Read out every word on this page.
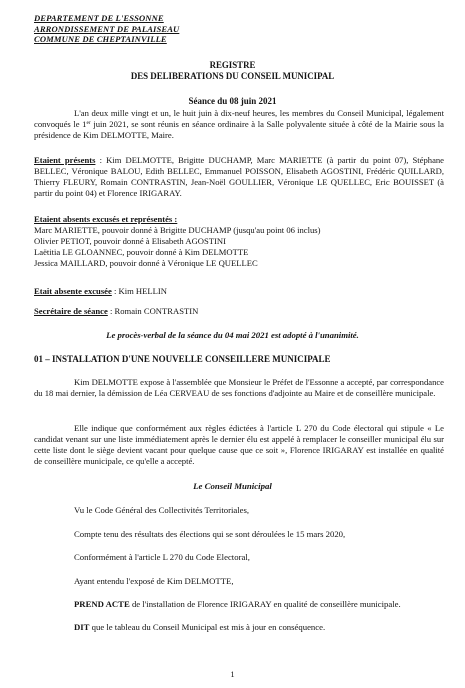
DEPARTEMENT DE L'ESSONNE
ARRONDISSEMENT DE PALAISEAU
COMMUNE DE CHEPTAINVILLE
REGISTRE
DES DELIBERATIONS DU CONSEIL MUNICIPAL
Séance du 08 juin 2021
L'an deux mille vingt et un, le huit juin à dix-neuf heures, les membres du Conseil Municipal, légalement convoqués le 1er juin 2021, se sont réunis en séance ordinaire à la Salle polyvalente située à côté de la Mairie sous la présidence de Kim DELMOTTE, Maire.
Etaient présents : Kim DELMOTTE, Brigitte DUCHAMP, Marc MARIETTE (à partir du point 07), Stéphane BELLEC, Véronique BALOU, Edith BELLEC, Emmanuel POISSON, Elisabeth AGOSTINI, Frédéric QUILLARD, Thierry FLEURY, Romain CONTRASTIN, Jean-Noël GOULLIER, Véronique LE QUELLEC, Eric BOUISSET (à partir du point 04) et Florence IRIGARAY.
Etaient absents excusés et représentés :
Marc MARIETTE, pouvoir donné à Brigitte DUCHAMP (jusqu'au point 06 inclus)
Olivier PETIOT, pouvoir donné à Elisabeth AGOSTINI
Laëtitia LE GLOANNEC, pouvoir donné à Kim DELMOTTE
Jessica MAILLARD, pouvoir donné à Véronique LE QUELLEC
Etait absente excusée : Kim HELLIN
Secrétaire de séance : Romain CONTRASTIN
Le procès-verbal de la séance du 04 mai 2021 est adopté à l'unanimité.
01 – INSTALLATION D'UNE NOUVELLE CONSEILLERE MUNICIPALE
Kim DELMOTTE expose à l'assemblée que Monsieur le Préfet de l'Essonne a accepté, par correspondance du 18 mai dernier, la démission de Léa CERVEAU de ses fonctions d'adjointe au Maire et de conseillère municipale.
Elle indique que conformément aux règles édictées à l'article L 270 du Code électoral qui stipule « Le candidat venant sur une liste immédiatement après le dernier élu est appelé à remplacer le conseiller municipal élu sur cette liste dont le siège devient vacant pour quelque cause que ce soit », Florence IRIGARAY est installée en qualité de conseillère municipale, ce qu'elle a accepté.
Le Conseil Municipal
Vu le Code Général des Collectivités Territoriales,
Compte tenu des résultats des élections qui se sont déroulées le 15 mars 2020,
Conformément à l'article L 270 du Code Electoral,
Ayant entendu l'exposé de Kim DELMOTTE,
PREND ACTE de l'installation de Florence IRIGARAY en qualité de conseillère municipale.
DIT que le tableau du Conseil Municipal est mis à jour en conséquence.
1
